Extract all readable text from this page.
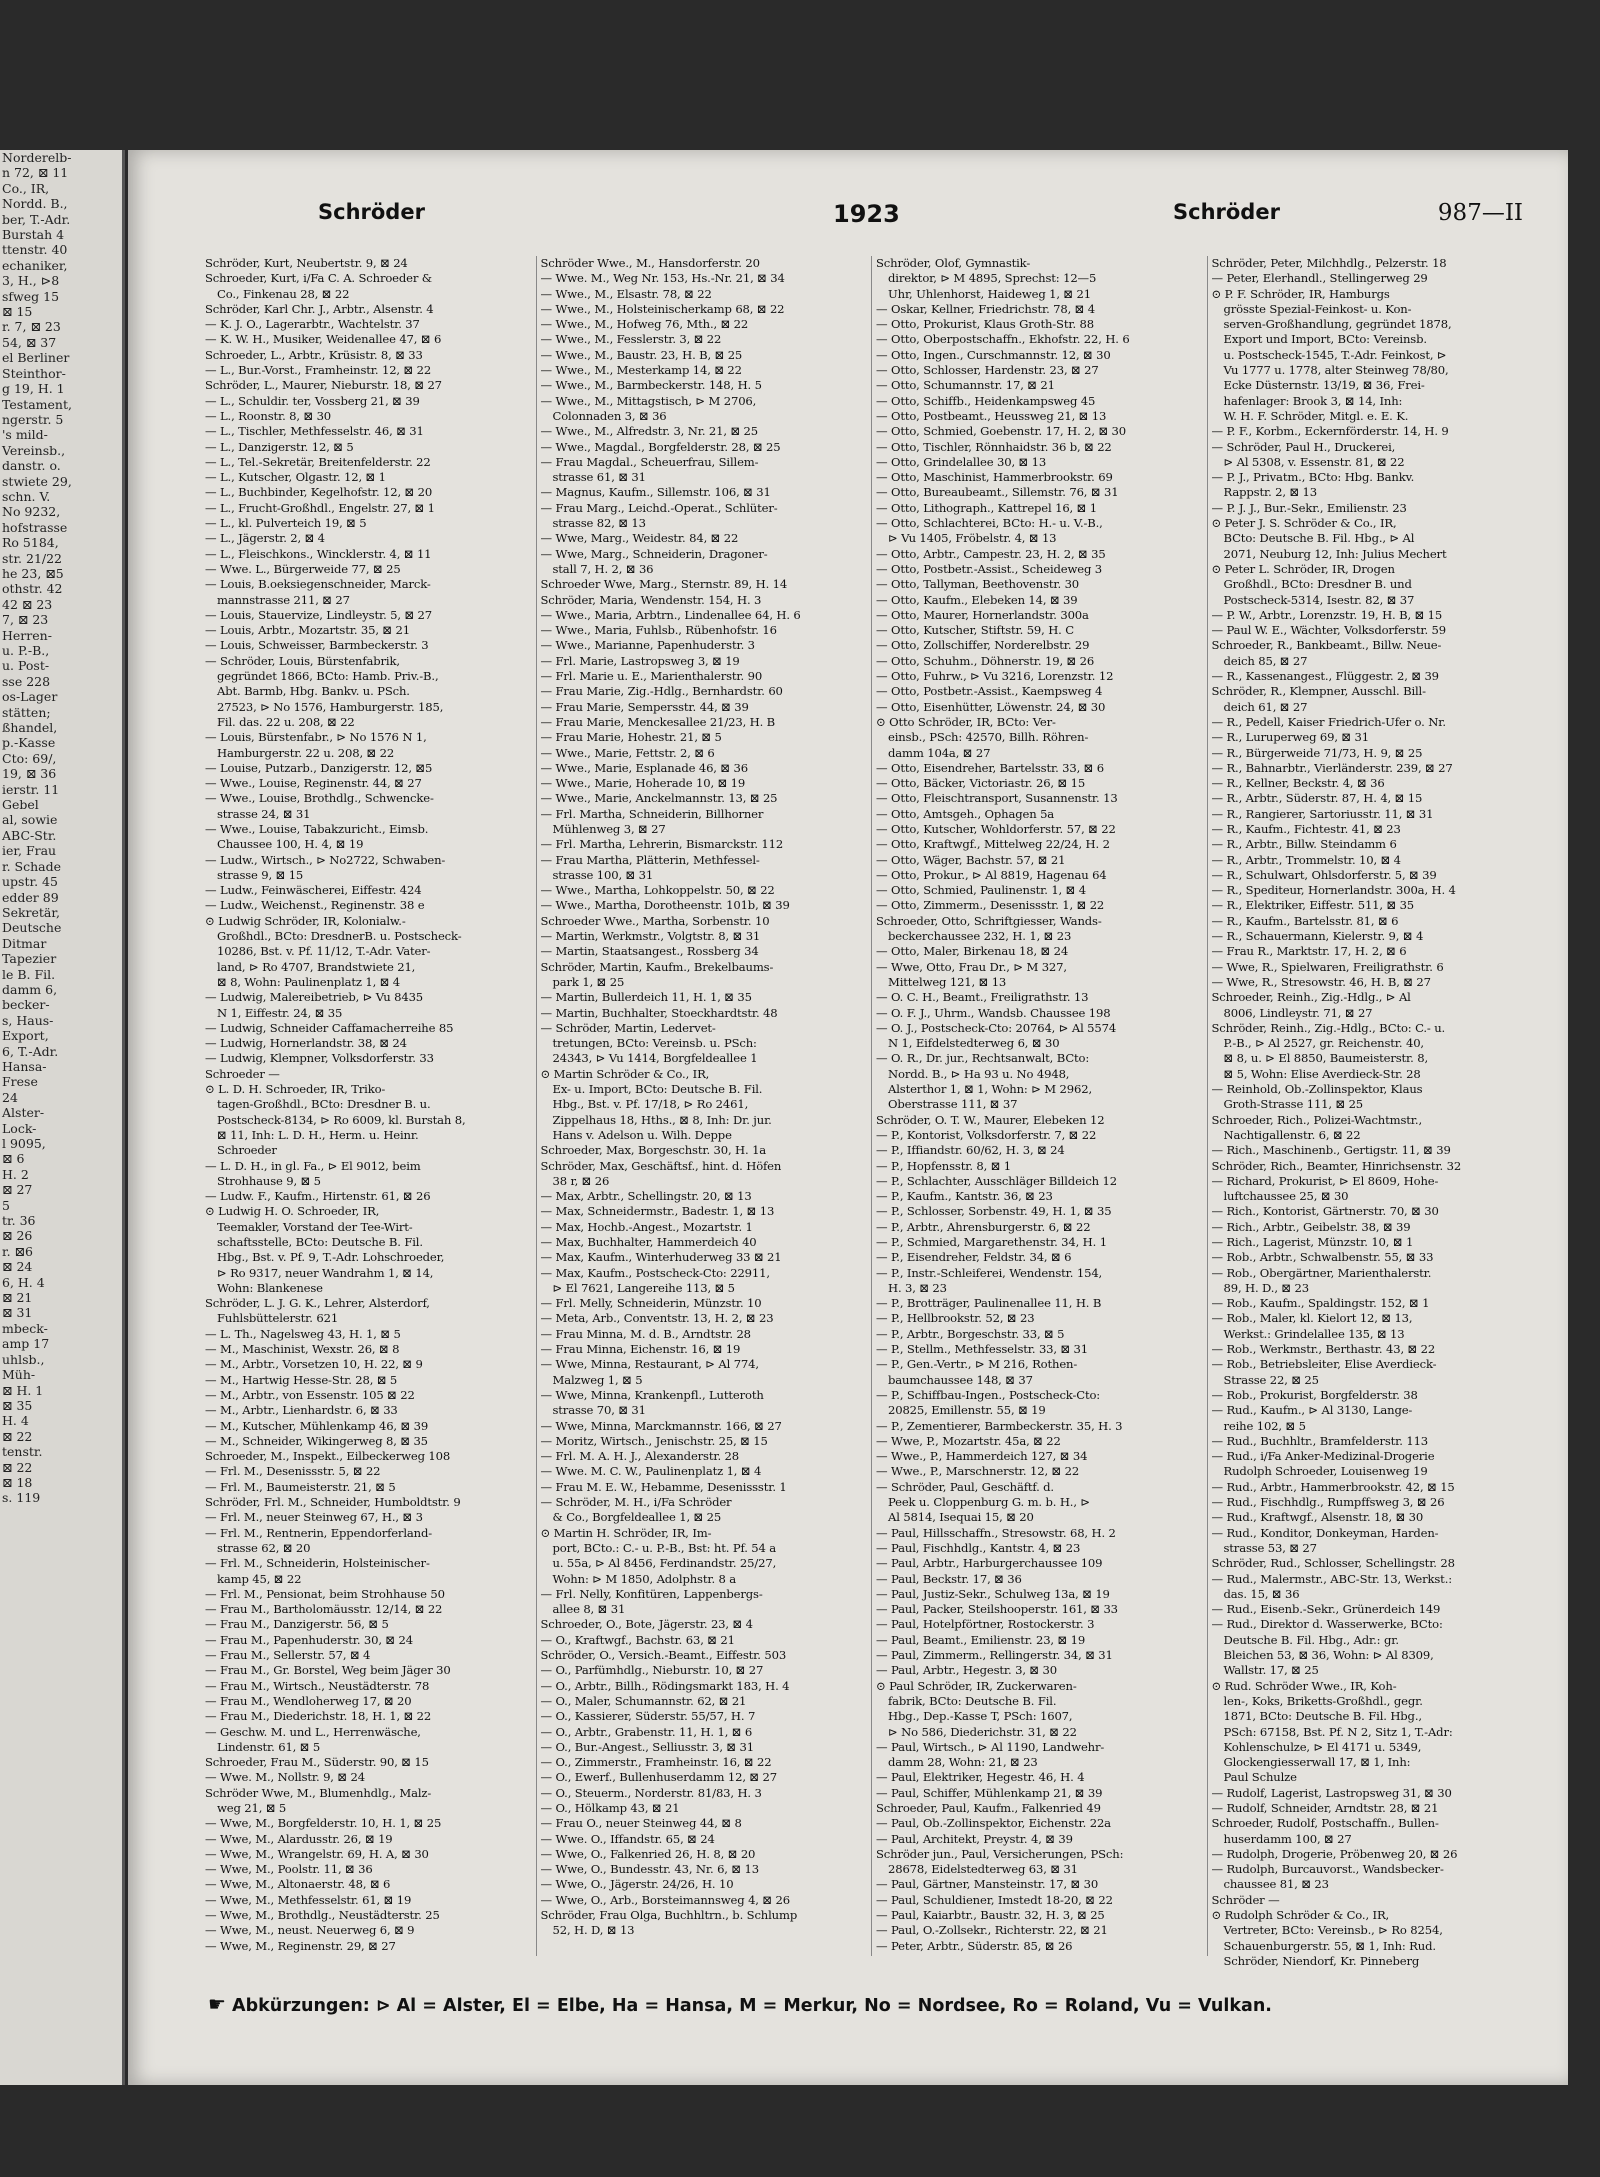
Norderelb-
n 72, ⊠ 11
Co., IR,
Nordd. B.,
ber, T.-Adr.
Burstah 4
ttenstr. 40
echaniker,
3, H., ⊳8
sfweg 15
⊠ 15
r. 7, ⊠ 23
54, ⊠ 37
el Berliner
Steinthor-
g 19, H. 1
Testament,
ngerstr. 5
's mild-
Vereinsb.,
danstr. o.
stwiete 29,
schn. V.
No 9232,
hofstrasse
Ro 5184,
str. 21/22
he 23, ⊠5
othstr. 42
42 ⊠ 23
7, ⊠ 23
Herren-
u. P.-B.,
u. Post-
sse 228
os-Lager
stätten;
ßhandel,
p.-Kasse
Cto: 69/,
19, ⊠ 36
ierstr. 11
Gebel
al, sowie
ABC-Str.
ier, Frau
r. Schade
upstr. 45
edder 89
Sekretär,
Deutsche
Ditmar
Tapezier
le B. Fil.
damm 6,
becker-
s, Haus-
Export,
6, T.-Adr.
Hansa-
Frese
24
Alster-
Lock-
l 9095,
⊠ 6
H. 2
⊠ 27
5
tr. 36
⊠ 26
r. ⊠6
⊠ 24
6, H. 4
⊠ 21
⊠ 31
mbeck-
amp 17
uhlsb.,
Müh-
⊠ H. 1
⊠ 35
H. 4
⊠ 22
tenstr.
⊠ 22
⊠ 18
s. 119
Schröder	1923	Schröder	987—II
Schröder, Kurt, Neubertstr. 9, ⊠ 24
Schroeder, Kurt, i/Fa C. A. Schroeder &
Co., Finkenau 28, ⊠ 22
Schröder, Karl Chr. J., Arbtr., Alsenstr. 4
— K. J. O., Lagerarbtr., Wachtelstr. 37
— K. W. H., Musiker, Weidenallee 47, ⊠ 6
Schroeder, L., Arbtr., Krüsistr. 8, ⊠ 33
— L., Bur.-Vorst., Framheinstr. 12, ⊠ 22
Schröder, L., Maurer, Nieburstr. 18, ⊠ 27
— L., Schuldir. ter, Vossberg 21, ⊠ 39
— L., Roonstr. 8, ⊠ 30
— L., Tischler, Methfesselstr. 46, ⊠ 31
— L., Danzigerstr. 12, ⊠ 5
— L., Tel.-Sekretär, Breitenfelderstr. 22
— L., Kutscher, Olgastr. 12, ⊠ 1
— L., Buchbinder, Kegelhofstr. 12, ⊠ 20
— L., Frucht-Großhdl., Engelstr. 27, ⊠ 1
— L., kl. Pulverteich 19, ⊠ 5
— L., Jägerstr. 2, ⊠ 4
— L., Fleischkons., Wincklerstr. 4, ⊠ 11
— Wwe. L., Bürgerweide 77, ⊠ 25
— Louis, B.oeksiegenschneider, Marck-
mannstrasse 211, ⊠ 27
— Louis, Stauervize, Lindleystr. 5, ⊠ 27
— Louis, Arbtr., Mozartstr. 35, ⊠ 21
— Louis, Schweisser, Barmbeckerstr. 3
— Schröder, Louis, Bürstenfabrik,
gegründet 1866, BCto: Hamb. Priv.-B.,
Abt. Barmb, Hbg. Bankv. u. PSch.
27523, ⊳ No 1576, Hamburgerstr. 185,
Fil. das. 22 u. 208, ⊠ 22
— Louis, Bürstenfabr., ⊳ No 1576 N 1,
Hamburgerstr. 22 u. 208, ⊠ 22
— Louise, Putzarb., Danzigerstr. 12, ⊠5
— Wwe., Louise, Reginenstr. 44, ⊠ 27
— Wwe., Louise, Brothdlg., Schwencke-
strasse 24, ⊠ 31
— Wwe., Louise, Tabakzuricht., Eimsb.
Chaussee 100, H. 4, ⊠ 19
— Ludw., Wirtsch., ⊳ No2722, Schwaben-
strasse 9, ⊠ 15
— Ludw., Feinwäscherei, Eiffestr. 424
— Ludw., Weichenst., Reginenstr. 38 e
⊙ Ludwig Schröder, IR, Kolonialw.-
Großhdl., BCto: DresdnerB. u. Postscheck-
10286, Bst. v. Pf. 11/12, T.-Adr. Vater-
land, ⊳ Ro 4707, Brandstwiete 21,
⊠ 8, Wohn: Paulinenplatz 1, ⊠ 4
— Ludwig, Malereibetrieb, ⊳ Vu 8435
N 1, Eiffestr. 24, ⊠ 35
— Ludwig, Schneider Caffamacherreihe 85
— Ludwig, Hornerlandstr. 38, ⊠ 24
— Ludwig, Klempner, Volksdorferstr. 33
Schroeder —
⊙ L. D. H. Schroeder, IR, Triko-
tagen-Großhdl., BCto: Dresdner B. u.
Postscheck-8134, ⊳ Ro 6009, kl. Burstah 8,
⊠ 11, Inh: L. D. H., Herm. u. Heinr.
Schroeder
— L. D. H., in gl. Fa., ⊳ El 9012, beim
Strohhause 9, ⊠ 5
— Ludw. F., Kaufm., Hirtenstr. 61, ⊠ 26
⊙ Ludwig H. O. Schroeder, IR,
Teemakler, Vorstand der Tee-Wirt-
schaftsstelle, BCto: Deutsche B. Fil.
Hbg., Bst. v. Pf. 9, T.-Adr. Lohschroeder,
⊳ Ro 9317, neuer Wandrahm 1, ⊠ 14,
Wohn: Blankenese
Schröder, L. J. G. K., Lehrer, Alsterdorf,
Fuhlsbüttelerstr. 621
— L. Th., Nagelsweg 43, H. 1, ⊠ 5
— M., Maschinist, Wexstr. 26, ⊠ 8
— M., Arbtr., Vorsetzen 10, H. 22, ⊠ 9
— M., Hartwig Hesse-Str. 28, ⊠ 5
— M., Arbtr., von Essenstr. 105 ⊠ 22
— M., Arbtr., Lienhardstr. 6, ⊠ 33
— M., Kutscher, Mühlenkamp 46, ⊠ 39
— M., Schneider, Wikingerweg 8, ⊠ 35
Schroeder, M., Inspekt., Eilbeckerweg 108
— Frl. M., Desenissstr. 5, ⊠ 22
— Frl. M., Baumeisterstr. 21, ⊠ 5
Schröder, Frl. M., Schneider, Humboldtstr. 9
— Frl. M., neuer Steinweg 67, H., ⊠ 3
— Frl. M., Rentnerin, Eppendorferland-
strasse 62, ⊠ 20
— Frl. M., Schneiderin, Holsteinischer-
kamp 45, ⊠ 22
— Frl. M., Pensionat, beim Strohhause 50
— Frau M., Bartholomäusstr. 12/14, ⊠ 22
— Frau M., Danzigerstr. 56, ⊠ 5
— Frau M., Papenhuderstr. 30, ⊠ 24
— Frau M., Sellerstr. 57, ⊠ 4
— Frau M., Gr. Borstel, Weg beim Jäger 30
— Frau M., Wirtsch., Neustädterstr. 78
— Frau M., Wendloherweg 17, ⊠ 20
— Frau M., Diederichstr. 18, H. 1, ⊠ 22
— Geschw. M. und L., Herrenwäsche,
Lindenstr. 61, ⊠ 5
Schroeder, Frau M., Süderstr. 90, ⊠ 15
— Wwe. M., Nollstr. 9, ⊠ 24
Schröder Wwe, M., Blumenhdlg., Malz-
weg 21, ⊠ 5
— Wwe, M., Borgfelderstr. 10, H. 1, ⊠ 25
— Wwe, M., Alardusstr. 26, ⊠ 19
— Wwe, M., Wrangelstr. 69, H. A, ⊠ 30
— Wwe, M., Poolstr. 11, ⊠ 36
— Wwe, M., Altonaerstr. 48, ⊠ 6
— Wwe, M., Methfesselstr. 61, ⊠ 19
— Wwe, M., Brothdlg., Neustädterstr. 25
— Wwe, M., neust. Neuerweg 6, ⊠ 9
— Wwe, M., Reginenstr. 29, ⊠ 27
Schröder Wwe., M., Hansdorferstr. 20
— Wwe. M., Weg Nr. 153, Hs.-Nr. 21, ⊠ 34
— Wwe., M., Elsastr. 78, ⊠ 22
— Wwe., M., Holsteinischerkamp 68, ⊠ 22
— Wwe., M., Hofweg 76, Mth., ⊠ 22
— Wwe., M., Fesslerstr. 3, ⊠ 22
— Wwe., M., Baustr. 23, H. B, ⊠ 25
— Wwe., M., Mesterkamp 14, ⊠ 22
— Wwe., M., Barmbeckerstr. 148, H. 5
— Wwe., M., Mittagstisch, ⊳ M 2706,
Colonnaden 3, ⊠ 36
— Wwe., M., Alfredstr. 3, Nr. 21, ⊠ 25
— Wwe., Magdal., Borgfelderstr. 28, ⊠ 25
— Frau Magdal., Scheuerfrau, Sillem-
strasse 61, ⊠ 31
— Magnus, Kaufm., Sillemstr. 106, ⊠ 31
— Frau Marg., Leichd.-Operat., Schlüter-
strasse 82, ⊠ 13
— Wwe, Marg., Weidestr. 84, ⊠ 22
— Wwe, Marg., Schneiderin, Dragoner-
stall 7, H. 2, ⊠ 36
Schroeder Wwe, Marg., Sternstr. 89, H. 14
Schröder, Maria, Wendenstr. 154, H. 3
— Wwe., Maria, Arbtrn., Lindenallee 64, H. 6
— Wwe., Maria, Fuhlsb., Rübenhofstr. 16
— Wwe., Marianne, Papenhuderstr. 3
— Frl. Marie, Lastropsweg 3, ⊠ 19
— Frl. Marie u. E., Marienthalerstr. 90
— Frau Marie, Zig.-Hdlg., Bernhardstr. 60
— Frau Marie, Sempersstr. 44, ⊠ 39
— Frau Marie, Menckesallee 21/23, H. B
— Frau Marie, Hohestr. 21, ⊠ 5
— Wwe., Marie, Fettstr. 2, ⊠ 6
— Wwe., Marie, Esplanade 46, ⊠ 36
— Wwe., Marie, Hoherade 10, ⊠ 19
— Wwe., Marie, Anckelmannstr. 13, ⊠ 25
— Frl. Martha, Schneiderin, Billhorner
Mühlenweg 3, ⊠ 27
— Frl. Martha, Lehrerin, Bismarckstr. 112
— Frau Martha, Plätterin, Methfessel-
strasse 100, ⊠ 31
— Wwe., Martha, Lohkoppelstr. 50, ⊠ 22
— Wwe., Martha, Dorotheenstr. 101b, ⊠ 39
Schroeder Wwe., Martha, Sorbenstr. 10
— Martin, Werkmstr., Volgtstr. 8, ⊠ 31
— Martin, Staatsangest., Rossberg 34
Schröder, Martin, Kaufm., Brekelbaums-
park 1, ⊠ 25
— Martin, Bullerdeich 11, H. 1, ⊠ 35
— Martin, Buchhalter, Stoeckhardtstr. 48
— Schröder, Martin, Ledervet-
tretungen, BCto: Vereinsb. u. PSch:
24343, ⊳ Vu 1414, Borgfeldeallee 1
⊙ Martin Schröder & Co., IR,
Ex- u. Import, BCto: Deutsche B. Fil.
Hbg., Bst. v. Pf. 17/18, ⊳ Ro 2461,
Zippelhaus 18, Hths., ⊠ 8, Inh: Dr. jur.
Hans v. Adelson u. Wilh. Deppe
Schroeder, Max, Borgeschstr. 30, H. 1a
Schröder, Max, Geschäftsf., hint. d. Höfen
38 r, ⊠ 26
— Max, Arbtr., Schellingstr. 20, ⊠ 13
— Max, Schneidermstr., Badestr. 1, ⊠ 13
— Max, Hochb.-Angest., Mozartstr. 1
— Max, Buchhalter, Hammerdeich 40
— Max, Kaufm., Winterhuderweg 33 ⊠ 21
— Max, Kaufm., Postscheck-Cto: 22911,
⊳ El 7621, Langereihe 113, ⊠ 5
— Frl. Melly, Schneiderin, Münzstr. 10
— Meta, Arb., Conventstr. 13, H. 2, ⊠ 23
— Frau Minna, M. d. B., Arndtstr. 28
— Frau Minna, Eichenstr. 16, ⊠ 19
— Wwe, Minna, Restaurant, ⊳ Al 774,
Malzweg 1, ⊠ 5
— Wwe, Minna, Krankenpfl., Lutteroth
strasse 70, ⊠ 31
— Wwe, Minna, Marckmannstr. 166, ⊠ 27
— Moritz, Wirtsch., Jenischstr. 25, ⊠ 15
— Frl. M. A. H. J., Alexanderstr. 28
— Wwe. M. C. W., Paulinenplatz 1, ⊠ 4
— Frau M. E. W., Hebamme, Desenissstr. 1
— Schröder, M. H., i/Fa Schröder
& Co., Borgfeldeallee 1, ⊠ 25
⊙ Martin H. Schröder, IR, Im-
port, BCto.: C.- u. P.-B., Bst: ht. Pf. 54 a
u. 55a, ⊳ Al 8456, Ferdinandstr. 25/27,
Wohn: ⊳ M 1850, Adolphstr. 8 a
— Frl. Nelly, Konfitüren, Lappenbergs-
allee 8, ⊠ 31
Schroeder, O., Bote, Jägerstr. 23, ⊠ 4
— O., Kraftwgf., Bachstr. 63, ⊠ 21
Schröder, O., Versich.-Beamt., Eiffestr. 503
— O., Parfümhdlg., Nieburstr. 10, ⊠ 27
— O., Arbtr., Billh., Rödingsmarkt 183, H. 4
— O., Maler, Schumannstr. 62, ⊠ 21
— O., Kassierer, Süderstr. 55/57, H. 7
— O., Arbtr., Grabenstr. 11, H. 1, ⊠ 6
— O., Bur.-Angest., Selliusstr. 3, ⊠ 31
— O., Zimmerstr., Framheinstr. 16, ⊠ 22
— O., Ewerf., Bullenhuserdamm 12, ⊠ 27
— O., Steuerm., Norderstr. 81/83, H. 3
— O., Hölkamp 43, ⊠ 21
— Frau O., neuer Steinweg 44, ⊠ 8
— Wwe. O., Iffandstr. 65, ⊠ 24
— Wwe, O., Falkenried 26, H. 8, ⊠ 20
— Wwe, O., Bundesstr. 43, Nr. 6, ⊠ 13
— Wwe, O., Jägerstr. 24/26, H. 10
— Wwe, O., Arb., Borsteimannsweg 4, ⊠ 26
Schröder, Frau Olga, Buchhltrn., b. Schlump
52, H. D, ⊠ 13
Schröder, Olof, Gymnastik-
direktor, ⊳ M 4895, Sprechst: 12—5
Uhr, Uhlenhorst, Haideweg 1, ⊠ 21
— Oskar, Kellner, Friedrichstr. 78, ⊠ 4
— Otto, Prokurist, Klaus Groth-Str. 88
— Otto, Oberpostschaffn., Ekhofstr. 22, H. 6
— Otto, Ingen., Curschmannstr. 12, ⊠ 30
— Otto, Schlosser, Hardenstr. 23, ⊠ 27
— Otto, Schumannstr. 17, ⊠ 21
— Otto, Schiffb., Heidenkampsweg 45
— Otto, Postbeamt., Heussweg 21, ⊠ 13
— Otto, Schmied, Goebenstr. 17, H. 2, ⊠ 30
— Otto, Tischler, Rönnhaidstr. 36 b, ⊠ 22
— Otto, Grindelallee 30, ⊠ 13
— Otto, Maschinist, Hammerbrookstr. 69
— Otto, Bureaubeamt., Sillemstr. 76, ⊠ 31
— Otto, Lithograph., Kattrepel 16, ⊠ 1
— Otto, Schlachterei, BCto: H.- u. V.-B.,
⊳ Vu 1405, Fröbelstr. 4, ⊠ 13
— Otto, Arbtr., Campestr. 23, H. 2, ⊠ 35
— Otto, Postbetr.-Assist., Scheideweg 3
— Otto, Tallyman, Beethovenstr. 30
— Otto, Kaufm., Elebeken 14, ⊠ 39
— Otto, Maurer, Hornerlandstr. 300a
— Otto, Kutscher, Stiftstr. 59, H. C
— Otto, Zollschiffer, Norderelbstr. 29
— Otto, Schuhm., Döhnerstr. 19, ⊠ 26
— Otto, Fuhrw., ⊳ Vu 3216, Lorenzstr. 12
— Otto, Postbetr.-Assist., Kaempsweg 4
— Otto, Eisenhütter, Löwenstr. 24, ⊠ 30
⊙ Otto Schröder, IR, BCto: Ver-
einsb., PSch: 42570, Billh. Röhren-
damm 104a, ⊠ 27
— Otto, Eisendreher, Bartelsstr. 33, ⊠ 6
— Otto, Bäcker, Victoriastr. 26, ⊠ 15
— Otto, Fleischtransport, Susannenstr. 13
— Otto, Amtsgeh., Ophagen 5a
— Otto, Kutscher, Wohldorferstr. 57, ⊠ 22
— Otto, Kraftwgf., Mittelweg 22/24, H. 2
— Otto, Wäger, Bachstr. 57, ⊠ 21
— Otto, Prokur., ⊳ Al 8819, Hagenau 64
— Otto, Schmied, Paulinenstr. 1, ⊠ 4
— Otto, Zimmerm., Desenissstr. 1, ⊠ 22
Schroeder, Otto, Schriftgiesser, Wands-
beckerchaussee 232, H. 1, ⊠ 23
— Otto, Maler, Birkenau 18, ⊠ 24
— Wwe, Otto, Frau Dr., ⊳ M 327,
Mittelweg 121, ⊠ 13
— O. C. H., Beamt., Freiligrathstr. 13
— O. F. J., Uhrm., Wandsb. Chaussee 198
— O. J., Postscheck-Cto: 20764, ⊳ Al 5574
N 1, Eifdelstedterweg 6, ⊠ 30
— O. R., Dr. jur., Rechtsanwalt, BCto:
Nordd. B., ⊳ Ha 93 u. No 4948,
Alsterthor 1, ⊠ 1, Wohn: ⊳ M 2962,
Oberstrasse 111, ⊠ 37
Schröder, O. T. W., Maurer, Elebeken 12
— P., Kontorist, Volksdorferstr. 7, ⊠ 22
— P., Iffiandstr. 60/62, H. 3, ⊠ 24
— P., Hopfensstr. 8, ⊠ 1
— P., Schlachter, Ausschläger Billdeich 12
— P., Kaufm., Kantstr. 36, ⊠ 23
— P., Schlosser, Sorbenstr. 49, H. 1, ⊠ 35
— P., Arbtr., Ahrensburgerstr. 6, ⊠ 22
— P., Schmied, Margarethenstr. 34, H. 1
— P., Eisendreher, Feldstr. 34, ⊠ 6
— P., Instr.-Schleiferei, Wendenstr. 154,
H. 3, ⊠ 23
— P., Brotträger, Paulinenallee 11, H. B
— P., Hellbrookstr. 52, ⊠ 23
— P., Arbtr., Borgeschstr. 33, ⊠ 5
— P., Stellm., Methfesselstr. 33, ⊠ 31
— P., Gen.-Vertr., ⊳ M 216, Rothen-
baumchaussee 148, ⊠ 37
— P., Schiffbau-Ingen., Postscheck-Cto:
20825, Emillenstr. 55, ⊠ 19
— P., Zementierer, Barmbeckerstr. 35, H. 3
— Wwe, P., Mozartstr. 45a, ⊠ 22
— Wwe., P., Hammerdeich 127, ⊠ 34
— Wwe., P., Marschnerstr. 12, ⊠ 22
— Schröder, Paul, Geschäftf. d.
Peek u. Cloppenburg G. m. b. H., ⊳
Al 5814, Isequai 15, ⊠ 20
— Paul, Hillsschaffn., Stresowstr. 68, H. 2
— Paul, Fischhdlg., Kantstr. 4, ⊠ 23
— Paul, Arbtr., Harburgerchaussee 109
— Paul, Beckstr. 17, ⊠ 36
— Paul, Justiz-Sekr., Schulweg 13a, ⊠ 19
— Paul, Packer, Steilshooperstr. 161, ⊠ 33
— Paul, Hotelpförtner, Rostockerstr. 3
— Paul, Beamt., Emilienstr. 23, ⊠ 19
— Paul, Zimmerm., Rellingerstr. 34, ⊠ 31
— Paul, Arbtr., Hegestr. 3, ⊠ 30
⊙ Paul Schröder, IR, Zuckerwaren-
fabrik, BCto: Deutsche B. Fil.
Hbg., Dep.-Kasse T, PSch: 1607,
⊳ No 586, Diederichstr. 31, ⊠ 22
— Paul, Wirtsch., ⊳ Al 1190, Landwehr-
damm 28, Wohn: 21, ⊠ 23
— Paul, Elektriker, Hegestr. 46, H. 4
— Paul, Schiffer, Mühlenkamp 21, ⊠ 39
Schroeder, Paul, Kaufm., Falkenried 49
— Paul, Ob.-Zollinspektor, Eichenstr. 22a
— Paul, Architekt, Preystr. 4, ⊠ 39
Schröder jun., Paul, Versicherungen, PSch:
28678, Eidelstedterweg 63, ⊠ 31
— Paul, Gärtner, Mansteinstr. 17, ⊠ 30
— Paul, Schuldiener, Imstedt 18-20, ⊠ 22
— Paul, Kaiarbtr., Baustr. 32, H. 3, ⊠ 25
— Paul, O.-Zollsekr., Richterstr. 22, ⊠ 21
— Peter, Arbtr., Süderstr. 85, ⊠ 26
Schröder, Peter, Milchhdlg., Pelzerstr. 18
— Peter, Elerhandl., Stellingerweg 29
⊙ P. F. Schröder, IR, Hamburgs
grösste Spezial-Feinkost- u. Kon-
serven-Großhandlung, gegründet 1878,
Export und Import, BCto: Vereinsb.
u. Postscheck-1545, T.-Adr. Feinkost, ⊳
Vu 1777 u. 1778, alter Steinweg 78/80,
Ecke Düsternstr. 13/19, ⊠ 36, Frei-
hafenlager: Brook 3, ⊠ 14, Inh:
W. H. F. Schröder, Mitgl. e. E. K.
— P. F., Korbm., Eckernförderstr. 14, H. 9
— Schröder, Paul H., Druckerei,
⊳ Al 5308, v. Essenstr. 81, ⊠ 22
— P. J., Privatm., BCto: Hbg. Bankv.
Rappstr. 2, ⊠ 13
— P. J. J., Bur.-Sekr., Emilienstr. 23
⊙ Peter J. S. Schröder & Co., IR,
BCto: Deutsche B. Fil. Hbg., ⊳ Al
2071, Neuburg 12, Inh: Julius Mechert
⊙ Peter L. Schröder, IR, Drogen
Großhdl., BCto: Dresdner B. und
Postscheck-5314, Isestr. 82, ⊠ 37
— P. W., Arbtr., Lorenzstr. 19, H. B, ⊠ 15
— Paul W. E., Wächter, Volksdorferstr. 59
Schroeder, R., Bankbeamt., Billw. Neue-
deich 85, ⊠ 27
— R., Kassenangest., Flüggestr. 2, ⊠ 39
Schröder, R., Klempner, Ausschl. Bill-
deich 61, ⊠ 27
— R., Pedell, Kaiser Friedrich-Ufer o. Nr.
— R., Luruperweg 69, ⊠ 31
— R., Bürgerweide 71/73, H. 9, ⊠ 25
— R., Bahnarbtr., Vierländerstr. 239, ⊠ 27
— R., Kellner, Beckstr. 4, ⊠ 36
— R., Arbtr., Süderstr. 87, H. 4, ⊠ 15
— R., Rangierer, Sartoriusstr. 11, ⊠ 31
— R., Kaufm., Fichtestr. 41, ⊠ 23
— R., Arbtr., Billw. Steindamm 6
— R., Arbtr., Trommelstr. 10, ⊠ 4
— R., Schulwart, Ohlsdorferstr. 5, ⊠ 39
— R., Spediteur, Hornerlandstr. 300a, H. 4
— R., Elektriker, Eiffestr. 511, ⊠ 35
— R., Kaufm., Bartelsstr. 81, ⊠ 6
— R., Schauermann, Kielerstr. 9, ⊠ 4
— Frau R., Marktstr. 17, H. 2, ⊠ 6
— Wwe, R., Spielwaren, Freiligrathstr. 6
— Wwe, R., Stresowstr. 46, H. B, ⊠ 27
Schroeder, Reinh., Zig.-Hdlg., ⊳ Al
8006, Lindleystr. 71, ⊠ 27
Schröder, Reinh., Zig.-Hdlg., BCto: C.- u.
P.-B., ⊳ Al 2527, gr. Reichenstr. 40,
⊠ 8, u. ⊳ El 8850, Baumeisterstr. 8,
⊠ 5, Wohn: Elise Averdieck-Str. 28
— Reinhold, Ob.-Zollinspektor, Klaus
Groth-Strasse 111, ⊠ 25
Schroeder, Rich., Polizei-Wachtmstr.,
Nachtigallenstr. 6, ⊠ 22
— Rich., Maschinenb., Gertigstr. 11, ⊠ 39
Schröder, Rich., Beamter, Hinrichsenstr. 32
— Richard, Prokurist, ⊳ El 8609, Hohe-
luftchaussee 25, ⊠ 30
— Rich., Kontorist, Gärtnerstr. 70, ⊠ 30
— Rich., Arbtr., Geibelstr. 38, ⊠ 39
— Rich., Lagerist, Münzstr. 10, ⊠ 1
— Rob., Arbtr., Schwalbenstr. 55, ⊠ 33
— Rob., Obergärtner, Marienthalerstr.
89, H. D., ⊠ 23
— Rob., Kaufm., Spaldingstr. 152, ⊠ 1
— Rob., Maler, kl. Kielort 12, ⊠ 13,
Werkst.: Grindelallee 135, ⊠ 13
— Rob., Werkmstr., Berthastr. 43, ⊠ 22
— Rob., Betriebsleiter, Elise Averdieck-
Strasse 22, ⊠ 25
— Rob., Prokurist, Borgfelderstr. 38
— Rud., Kaufm., ⊳ Al 3130, Lange-
reihe 102, ⊠ 5
— Rud., Buchhltr., Bramfelderstr. 113
— Rud., i/Fa Anker-Medizinal-Drogerie
Rudolph Schroeder, Louisenweg 19
— Rud., Arbtr., Hammerbrookstr. 42, ⊠ 15
— Rud., Fischhdlg., Rumpffsweg 3, ⊠ 26
— Rud., Kraftwgf., Alsenstr. 18, ⊠ 30
— Rud., Konditor, Donkeyman, Harden-
strasse 53, ⊠ 27
Schröder, Rud., Schlosser, Schellingstr. 28
— Rud., Malermstr., ABC-Str. 13, Werkst.:
das. 15, ⊠ 36
— Rud., Eisenb.-Sekr., Grünerdeich 149
— Rud., Direktor d. Wasserwerke, BCto:
Deutsche B. Fil. Hbg., Adr.: gr.
Bleichen 53, ⊠ 36, Wohn: ⊳ Al 8309,
Wallstr. 17, ⊠ 25
⊙ Rud. Schröder Wwe., IR, Koh-
len-, Koks, Briketts-Großhdl., gegr.
1871, BCto: Deutsche B. Fil. Hbg.,
PSch: 67158, Bst. Pf. N 2, Sitz 1, T.-Adr:
Kohlenschulze, ⊳ El 4171 u. 5349,
Glockengiesserwall 17, ⊠ 1, Inh:
Paul Schulze
— Rudolf, Lagerist, Lastropsweg 31, ⊠ 30
— Rudolf, Schneider, Arndtstr. 28, ⊠ 21
Schroeder, Rudolf, Postschaffn., Bullen-
huserdamm 100, ⊠ 27
— Rudolph, Drogerie, Pröbenweg 20, ⊠ 26
— Rudolph, Burcauvorst., Wandsbecker-
chaussee 81, ⊠ 23
Schröder —
⊙ Rudolph Schröder & Co., IR,
Vertreter, BCto: Vereinsb., ⊳ Ro 8254,
Schauenburgerstr. 55, ⊠ 1, Inh: Rud.
Schröder, Niendorf, Kr. Pinneberg
☛ Abkürzungen: ⊳ Al = Alster, El = Elbe, Ha = Hansa, M = Merkur, No = Nordsee, Ro = Roland, Vu = Vulkan.
